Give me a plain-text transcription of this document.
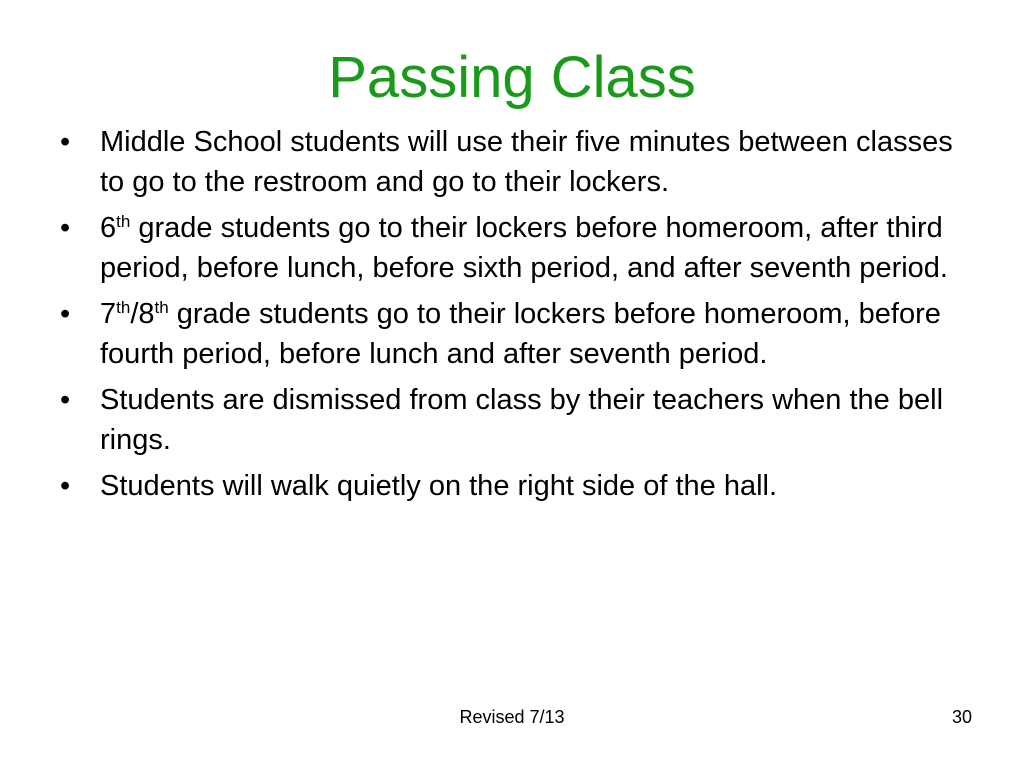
Passing Class
•	Middle School students will use their five minutes between classes to go to the restroom and go to their lockers.
•	6th grade students go to their lockers before homeroom, after third period, before lunch, before sixth period, and after seventh period.
•	7th/8th grade students go to their lockers before homeroom, before fourth period, before lunch and after seventh period.
•	Students are dismissed from class by their teachers when the bell rings.
•	Students will walk quietly on the right side of the hall.
Revised 7/13	30
